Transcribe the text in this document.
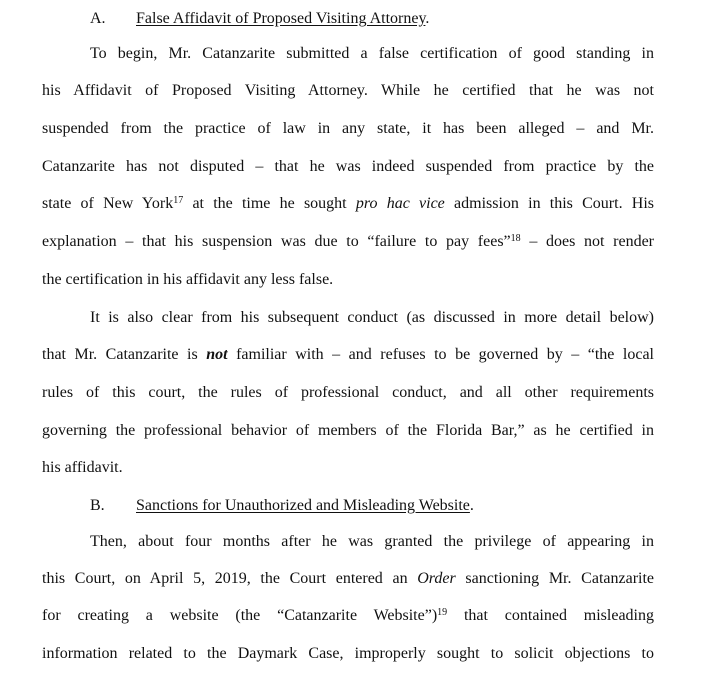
A. False Affidavit of Proposed Visiting Attorney.
To begin, Mr. Catanzarite submitted a false certification of good standing in
his Affidavit of Proposed Visiting Attorney. While he certified that he was not
suspended from the practice of law in any state, it has been alleged – and Mr.
Catanzarite has not disputed – that he was indeed suspended from practice by the
state of New York$^{17}$ at the time he sought pro hac vice admission in this Court. His
explanation – that his suspension was due to “failure to pay fees”$^{18}$ – does not render
the certification in his affidavit any less false.
It is also clear from his subsequent conduct (as discussed in more detail below)
that Mr. Catanzarite is not familiar with – and refuses to be governed by – “the local
rules of this court, the rules of professional conduct, and all other requirements
governing the professional behavior of members of the Florida Bar,” as he certified in
his affidavit.
B. Sanctions for Unauthorized and Misleading Website.
Then, about four months after he was granted the privilege of appearing in
this Court, on April 5, 2019, the Court entered an Order sanctioning Mr. Catanzarite
for creating a website (the “Catanzarite Website”)$^{19}$ that contained misleading
information related to the Daymark Case, improperly sought to solicit objections to
